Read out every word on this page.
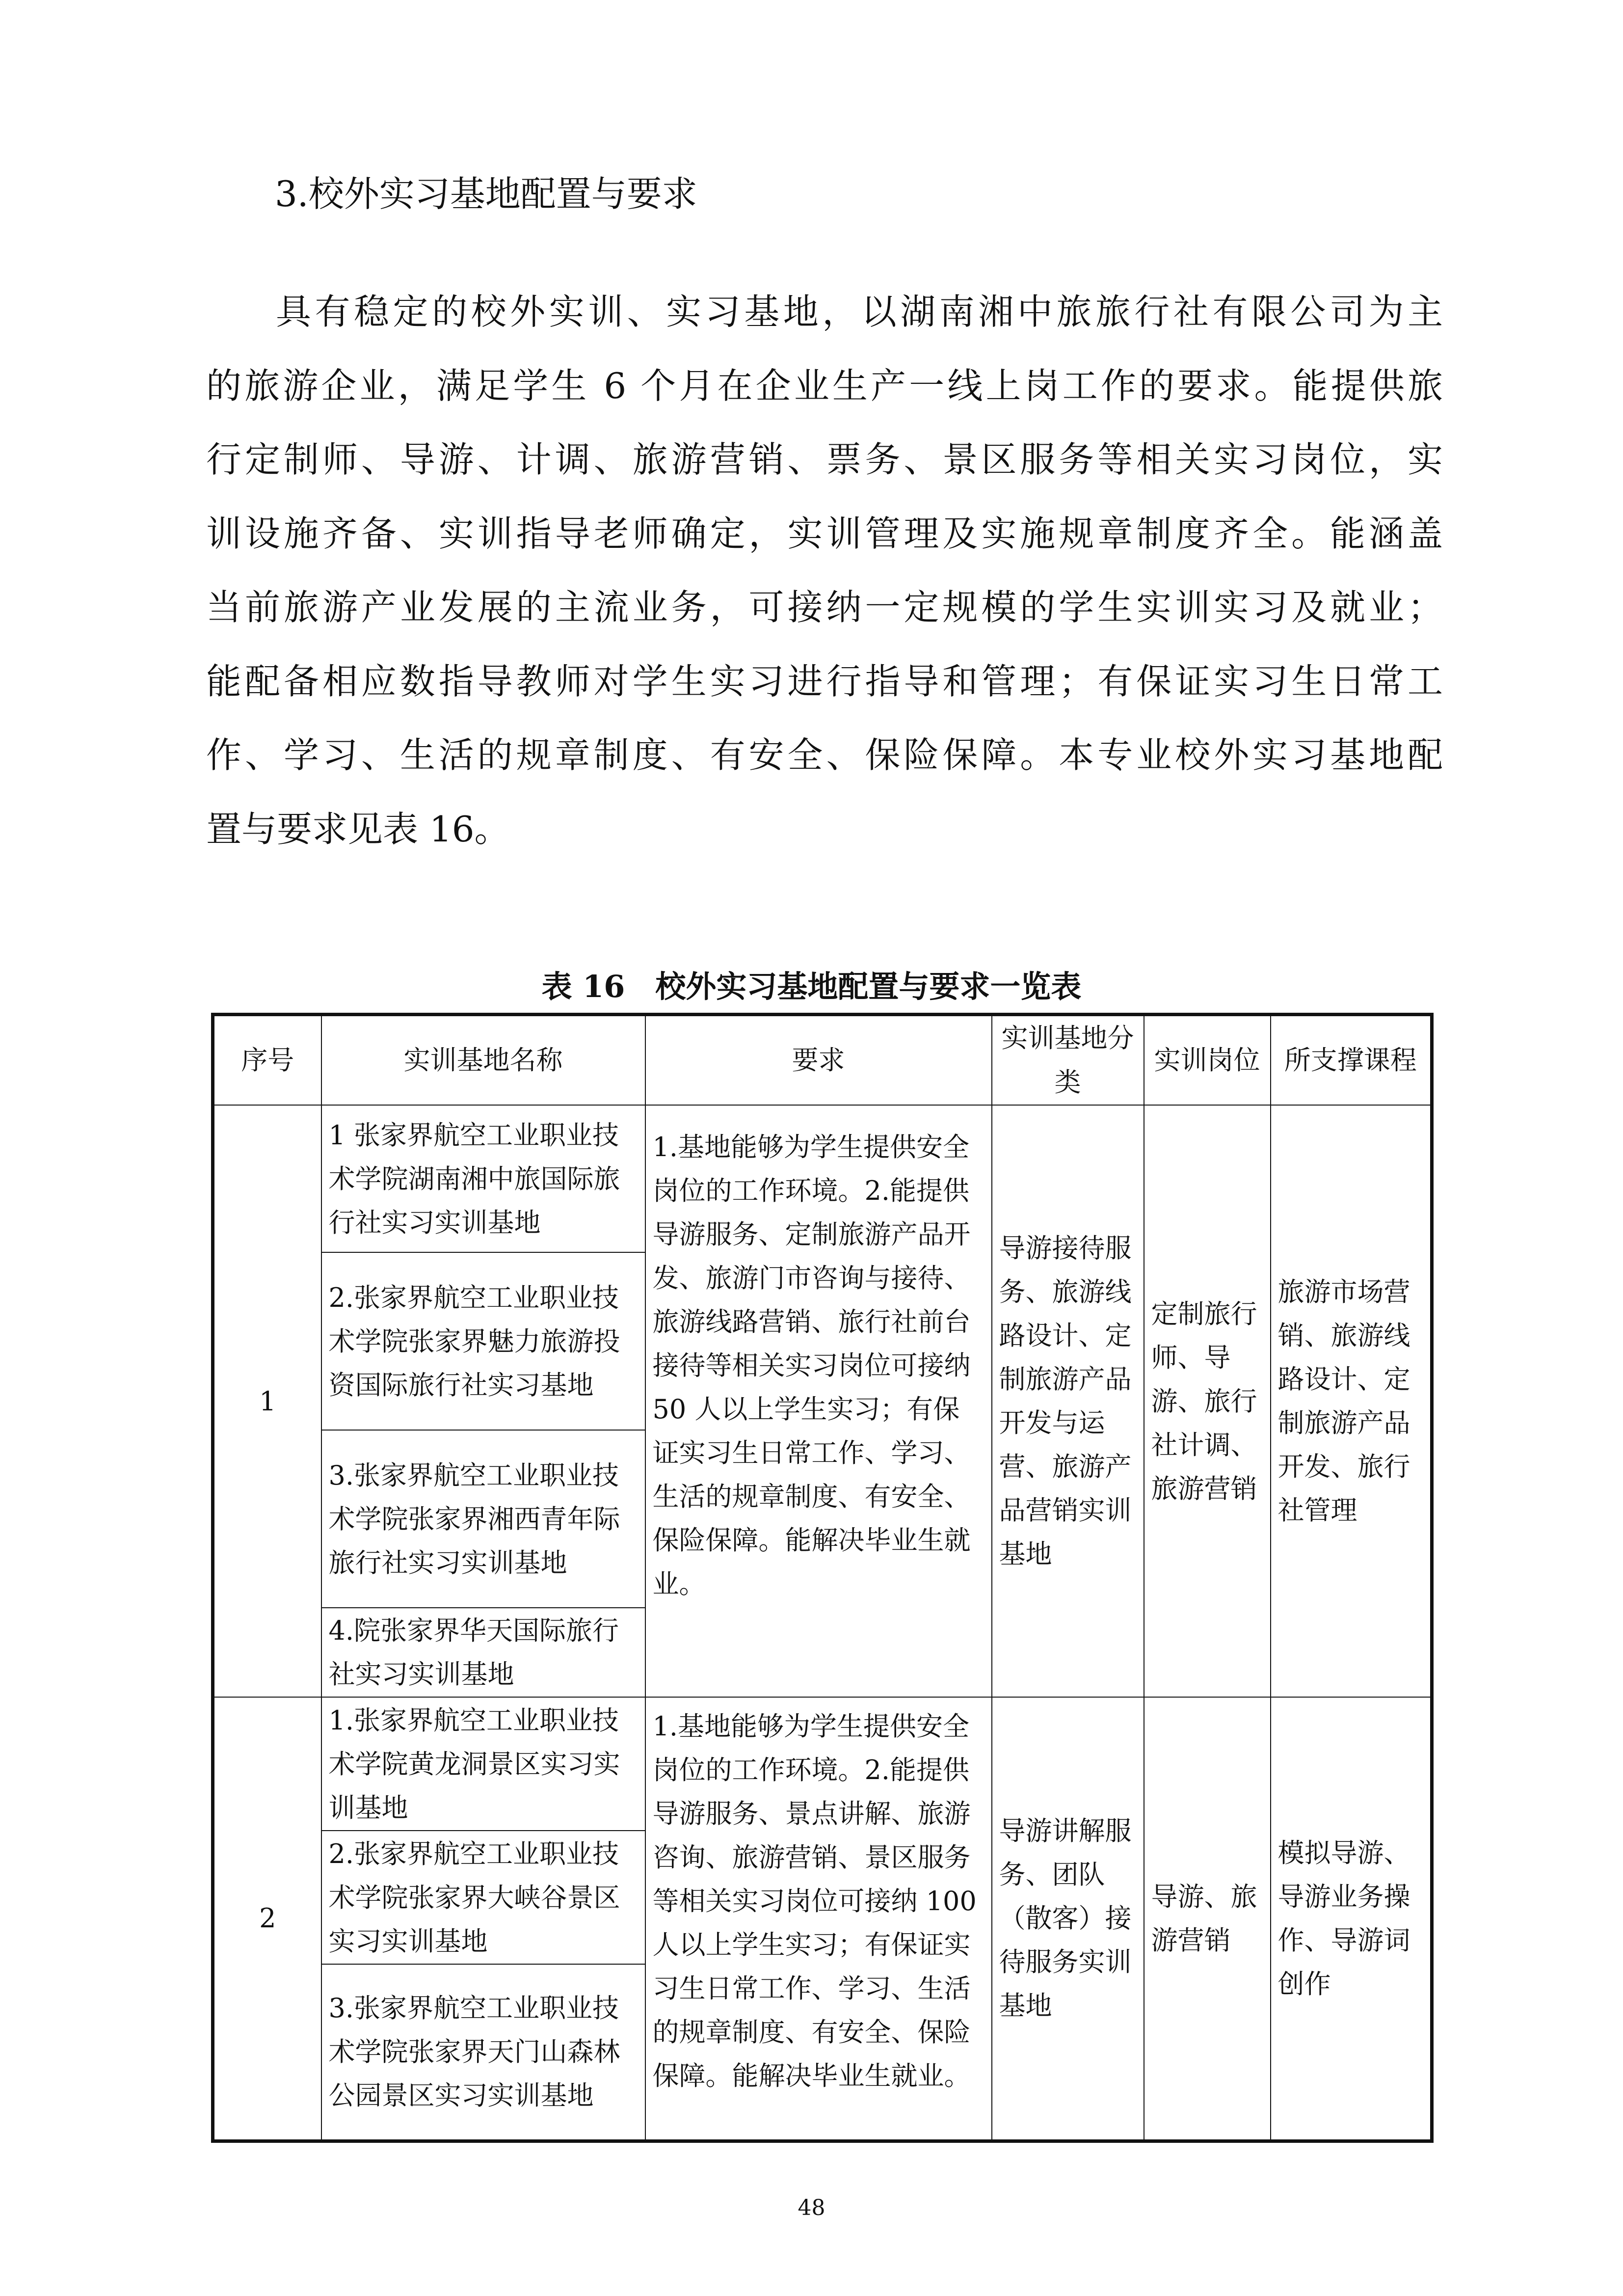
3.校外实习基地配置与要求
具有稳定的校外实训、实习基地，以湖南湘中旅旅行社有限公司为主
的旅游企业，满足学生 6 个月在企业生产一线上岗工作的要求。能提供旅
行定制师、导游、计调、旅游营销、票务、景区服务等相关实习岗位，实
训设施齐备、实训指导老师确定，实训管理及实施规章制度齐全。能涵盖
当前旅游产业发展的主流业务，可接纳一定规模的学生实训实习及就业；
能配备相应数指导教师对学生实习进行指导和管理；有保证实习生日常工
作、学习、生活的规章制度、有安全、保险保障。本专业校外实习基地配
置与要求见表 16。
表 16　校外实习基地配置与要求一览表
序号	实训基地名称	要求	实训基地分类	实训岗位	所支撑课程
1	1 张家界航空工业职业技术学院湖南湘中旅国际旅行社实习实训基地	1.基地能够为学生提供安全岗位的工作环境。2.能提供导游服务、定制旅游产品开发、旅游门市咨询与接待、旅游线路营销、旅行社前台接待等相关实习岗位可接纳 50 人以上学生实习；有保证实习生日常工作、学习、生活的规章制度、有安全、保险保障。能解决毕业生就业。	导游接待服务、旅游线路设计、定制旅游产品开发与运营、旅游产品营销实训基地	定制旅行师、导游、旅行社计调、旅游营销	旅游市场营销、旅游线路设计、定制旅游产品开发、旅行社管理
	2.张家界航空工业职业技术学院张家界魅力旅游投资国际旅行社实习基地				
	3.张家界航空工业职业技术学院张家界湘西青年际旅行社实习实训基地				
	4.院张家界华天国际旅行社实习实训基地				
2	1.张家界航空工业职业技术学院黄龙洞景区实习实训基地	1.基地能够为学生提供安全岗位的工作环境。2.能提供导游服务、景点讲解、旅游咨询、旅游营销、景区服务等相关实习岗位可接纳 100 人以上学生实习；有保证实习生日常工作、学习、生活的规章制度、有安全、保险保障。能解决毕业生就业。	导游讲解服务、团队（散客）接待服务实训基地	导游、旅游营销	模拟导游、导游业务操作、导游词创作
	2.张家界航空工业职业技术学院张家界大峡谷景区实习实训基地				
	3.张家界航空工业职业技术学院张家界天门山森林公园景区实习实训基地				
48
